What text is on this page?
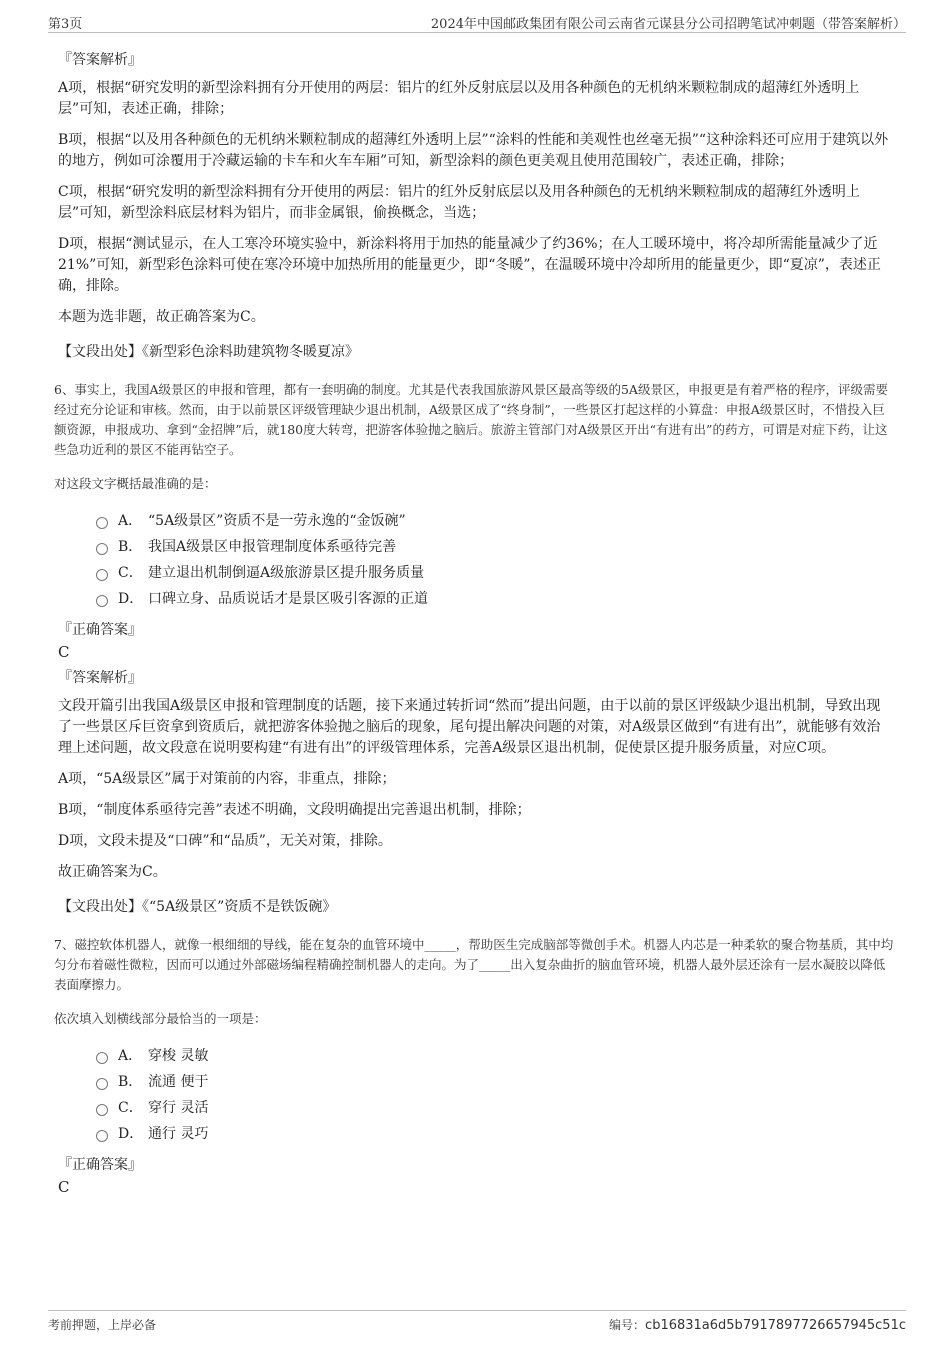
第3页	2024年中国邮政集团有限公司云南省元谋县分公司招聘笔试冲刺题（带答案解析）
『答案解析』

A项，根据“研究发明的新型涂料拥有分开使用的两层：铝片的红外反射底层以及用各种颜色的无机纳米颗粒制成的超薄红外透明上层”可知，表述正确，排除；

B项，根据“以及用各种颜色的无机纳米颗粒制成的超薄红外透明上层”“涂料的性能和美观性也丝毫无损”“这种涂料还可应用于建筑以外的地方，例如可涂覆用于冷藏运输的卡车和火车车厢”可知，新型涂料的颜色更美观且使用范围较广，表述正确，排除；

C项，根据“研究发明的新型涂料拥有分开使用的两层：铝片的红外反射底层以及用各种颜色的无机纳米颗粒制成的超薄红外透明上层”可知，新型涂料底层材料为铝片，而非金属银，偷换概念，当选；

D项，根据“测试显示，在人工寒冷环境实验中，新涂料将用于加热的能量减少了约36%；在人工暖环境中，将冷却所需能量减少了近21%”可知，新型彩色涂料可使在寒冷环境中加热所用的能量更少，即“冬暖”，在温暖环境中冷却所用的能量更少，即“夏凉”，表述正确，排除。

本题为选非题，故正确答案为C。

【文段出处】《新型彩色涂料助建筑物冬暖夏凉》

6、事实上，我国A级景区的申报和管理，都有一套明确的制度。尤其是代表我国旅游风景区最高等级的5A级景区，申报更是有着严格的程序，评级需要经过充分论证和审核。然而，由于以前景区评级管理缺少退出机制，A级景区成了“终身制”，一些景区打起这样的小算盘：申报A级景区时，不惜投入巨额资源，申报成功、拿到“金招牌”后，就180度大转弯，把游客体验抛之脑后。旅游主管部门对A级景区开出“有进有出”的药方，可谓是对症下药，让这些急功近利的景区不能再钻空子。

对这段文字概括最准确的是：

A． “5A级景区”资质不是一劳永逸的“金饭碗”
B． 我国A级景区申报管理制度体系亟待完善
C． 建立退出机制倒逼A级旅游景区提升服务质量
D． 口碑立身、品质说话才是景区吸引客源的正道
『正确答案』
C
『答案解析』

文段开篇引出我国A级景区申报和管理制度的话题，接下来通过转折词“然而”提出问题，由于以前的景区评级缺少退出机制，导致出现了一些景区斥巨资拿到资质后，就把游客体验抛之脑后的现象，尾句提出解决问题的对策，对A级景区做到“有进有出”，就能够有效治理上述问题，故文段意在说明要构建“有进有出”的评级管理体系，完善A级景区退出机制，促使景区提升服务质量，对应C项。

A项，“5A级景区”属于对策前的内容，非重点，排除；

B项，“制度体系亟待完善”表述不明确，文段明确提出完善退出机制，排除；

D项，文段未提及“口碑”和“品质”，无关对策，排除。

故正确答案为C。

【文段出处】《“5A级景区”资质不是铁饭碗》

7、磁控软体机器人，就像一根细细的导线，能在复杂的血管环境中_____，帮助医生完成脑部等微创手术。机器人内芯是一种柔软的聚合物基质，其中均匀分布着磁性微粒，因而可以通过外部磁场编程精确控制机器人的走向。为了_____出入复杂曲折的脑血管环境，机器人最外层还涂有一层水凝胶以降低表面摩擦力。

依次填入划横线部分最恰当的一项是：

A． 穿梭 灵敏
B． 流通 便于
C． 穿行 灵活
D． 通行 灵巧
『正确答案』
C
考前押题，上岸必备	编号：cb16831a6d5b7917897726657945c51c
